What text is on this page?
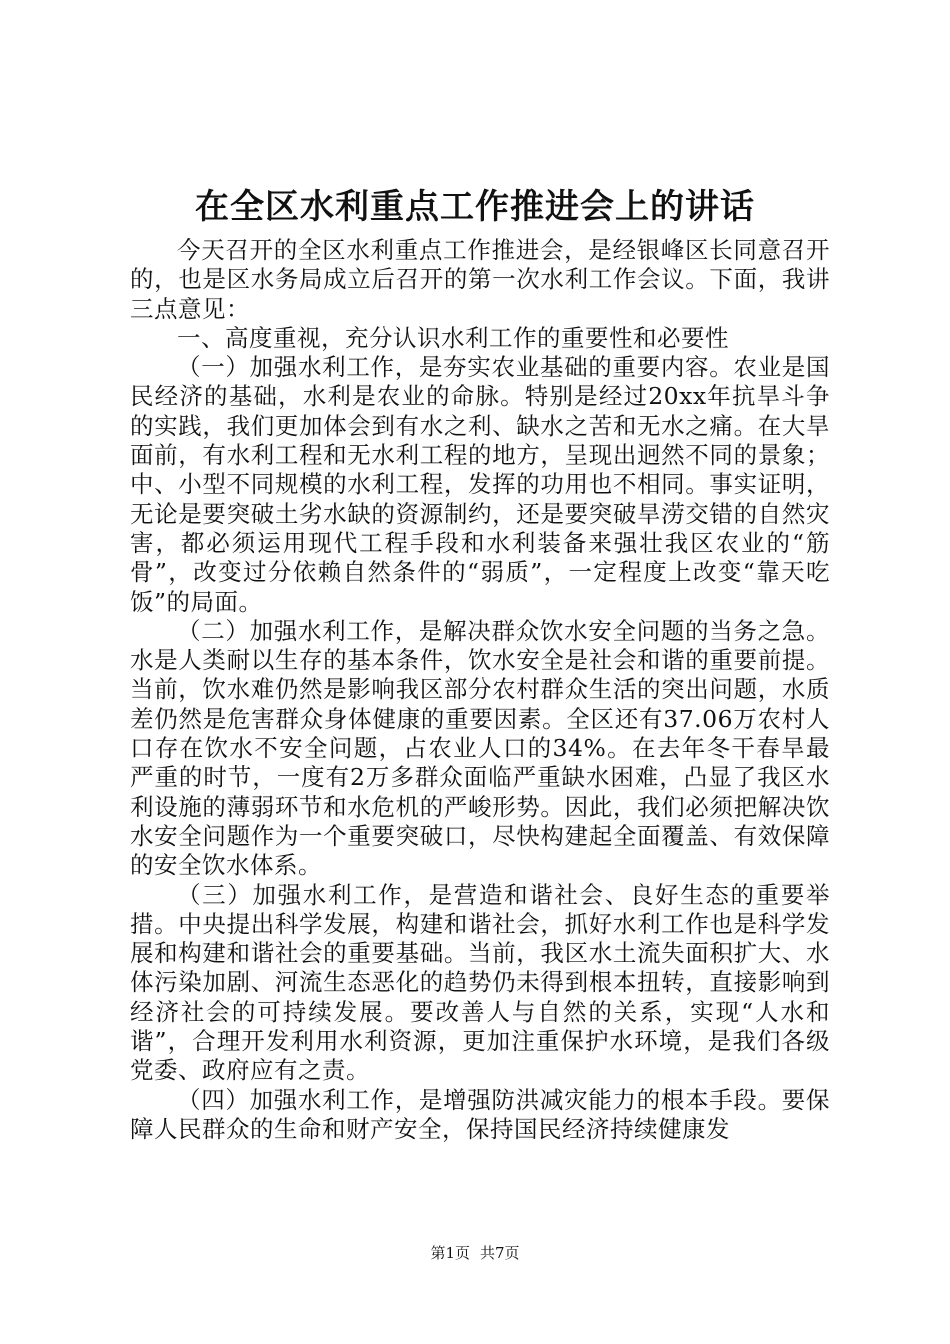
在全区水利重点工作推进会上的讲话

今天召开的全区水利重点工作推进会，是经银峰区长同意召开的，也是区水务局成立后召开的第一次水利工作会议。下面，我讲三点意见：

一、高度重视，充分认识水利工作的重要性和必要性

（一）加强水利工作，是夯实农业基础的重要内容。农业是国民经济的基础，水利是农业的命脉。特别是经过20xx年抗旱斗争的实践，我们更加体会到有水之利、缺水之苦和无水之痛。在大旱面前，有水利工程和无水利工程的地方，呈现出迥然不同的景象；中、小型不同规模的水利工程，发挥的功用也不相同。事实证明，无论是要突破土劣水缺的资源制约，还是要突破旱涝交错的自然灾害，都必须运用现代工程手段和水利装备来强壮我区农业的“筋骨”，改变过分依赖自然条件的“弱质”，一定程度上改变“靠天吃饭”的局面。

（二）加强水利工作，是解决群众饮水安全问题的当务之急。水是人类耐以生存的基本条件，饮水安全是社会和谐的重要前提。当前，饮水难仍然是影响我区部分农村群众生活的突出问题，水质差仍然是危害群众身体健康的重要因素。全区还有37.06万农村人口存在饮水不安全问题，占农业人口的34%。在去年冬干春旱最严重的时节，一度有2万多群众面临严重缺水困难，凸显了我区水利设施的薄弱环节和水危机的严峻形势。因此，我们必须把解决饮水安全问题作为一个重要突破口，尽快构建起全面覆盖、有效保障的安全饮水体系。

（三）加强水利工作，是营造和谐社会、良好生态的重要举措。中央提出科学发展，构建和谐社会，抓好水利工作也是科学发展和构建和谐社会的重要基础。当前，我区水土流失面积扩大、水体污染加剧、河流生态恶化的趋势仍未得到根本扭转，直接影响到经济社会的可持续发展。要改善人与自然的关系，实现“人水和谐”，合理开发利用水利资源，更加注重保护水环境，是我们各级党委、政府应有之责。

（四）加强水利工作，是增强防洪减灾能力的根本手段。要保障人民群众的生命和财产安全，保持国民经济持续健康发

第1页 共7页
